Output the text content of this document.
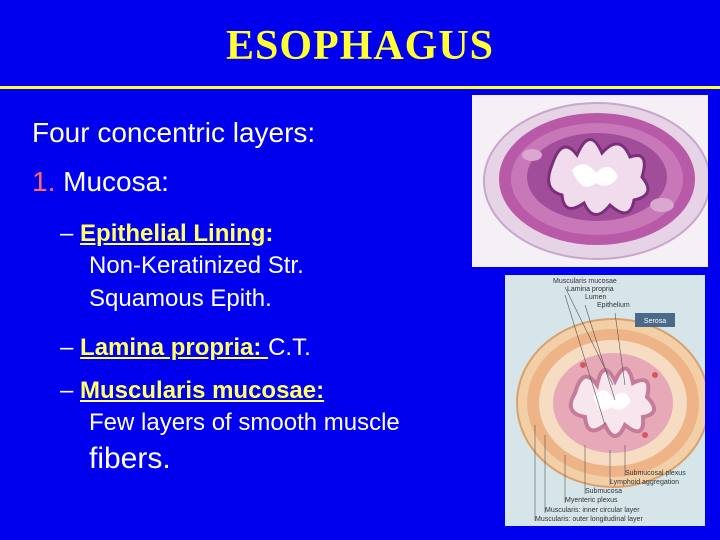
ESOPHAGUS
Four concentric layers:
1. Mucosa:
– Epithelial Lining:
Non-Keratinized Str.
Squamous Epith.
– Lamina propria: C.T.
– Muscularis mucosae:
Few layers of smooth muscle
fibers.
Serosa
Muscularis mucosae
Lamina propria
Lumen
Epithelium
Submucosal plexus
Lymphoid aggregation
Submucosa
Myenteric plexus
Muscularis: inner circular layer
Muscularis: outer longitudinal layer
